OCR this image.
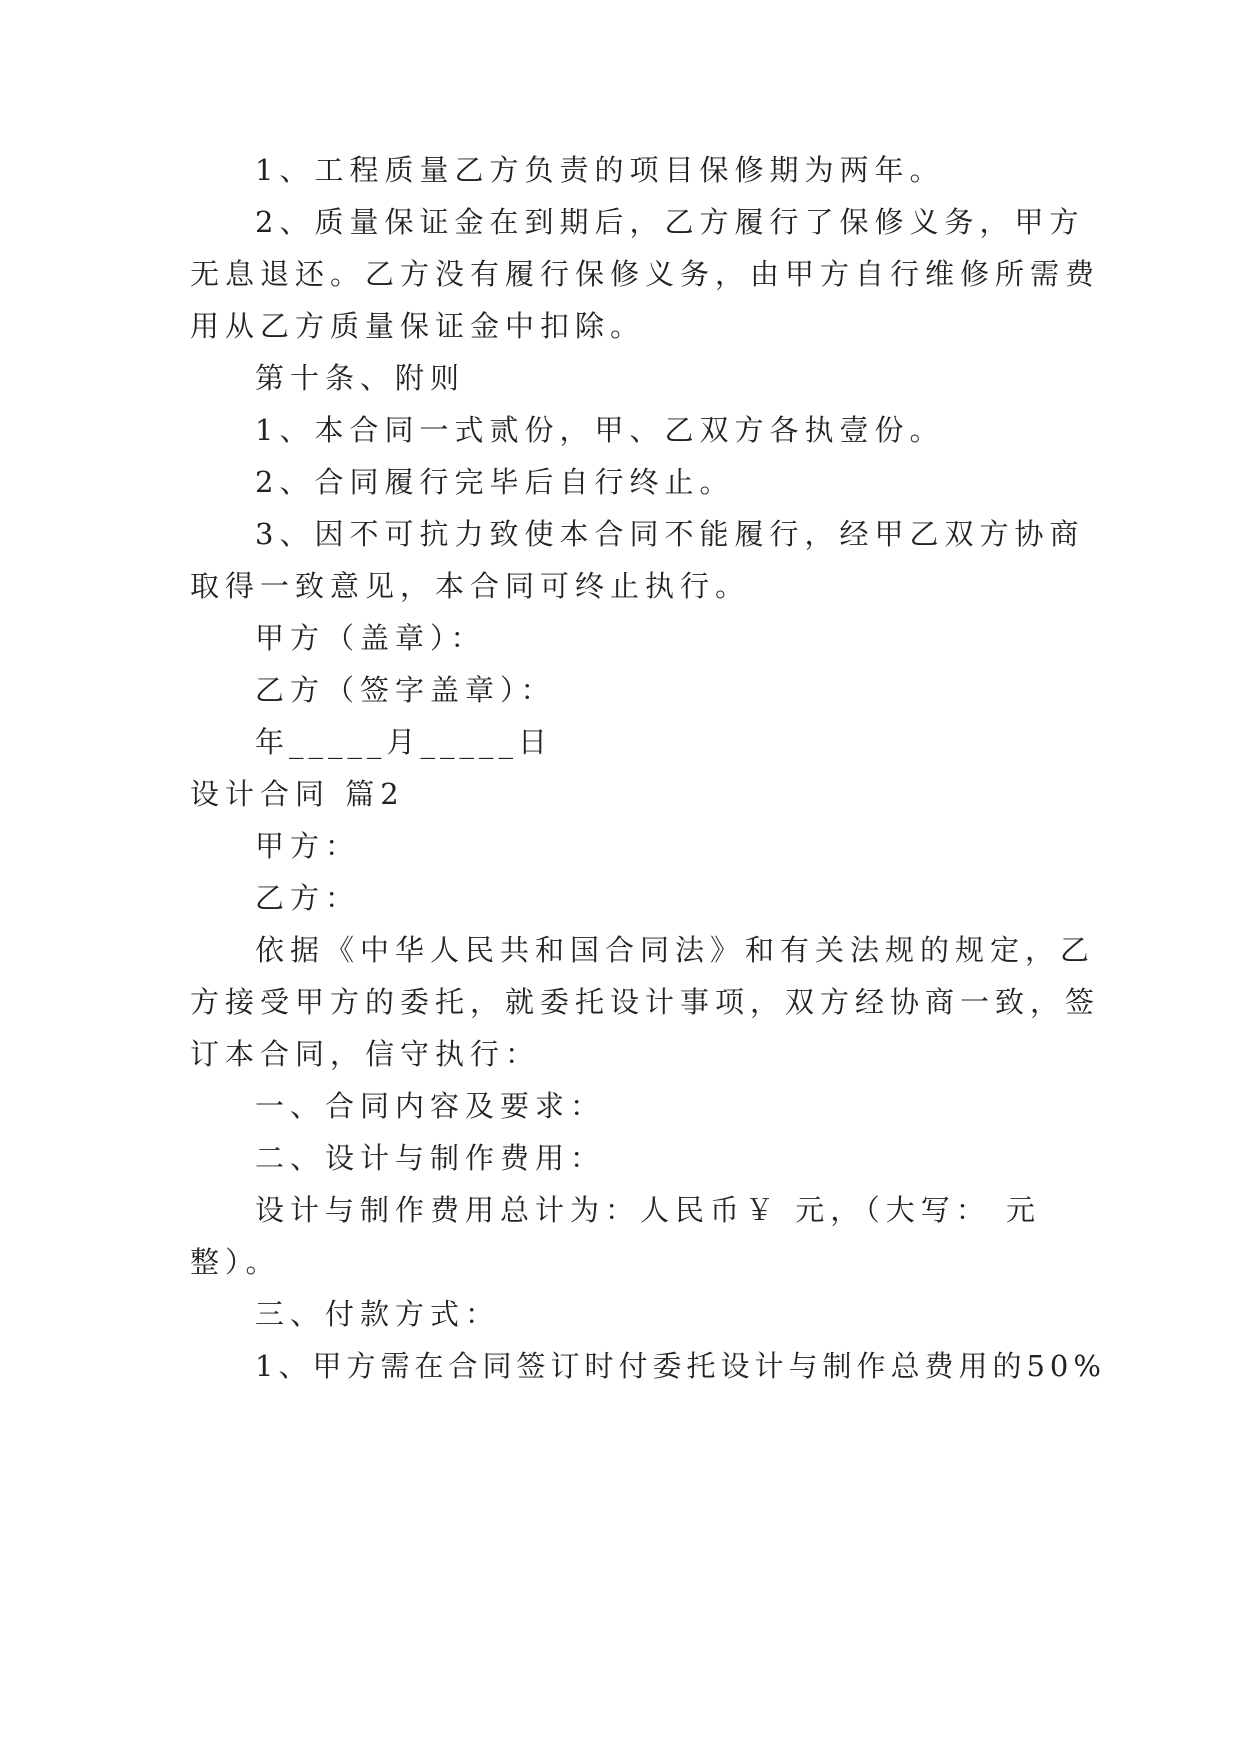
1、工程质量乙方负责的项目保修期为两年。
2、质量保证金在到期后，乙方履行了保修义务，甲方
无息退还。乙方没有履行保修义务，由甲方自行维修所需费
用从乙方质量保证金中扣除。
第十条、附则
1、本合同一式贰份，甲、乙双方各执壹份。
2、合同履行完毕后自行终止。
3、因不可抗力致使本合同不能履行，经甲乙双方协商
取得一致意见，本合同可终止执行。
甲方（盖章）：
乙方（签字盖章）：
年_____月_____日
设计合同 篇2
甲方：
乙方：
依据《中华人民共和国合同法》和有关法规的规定，乙
方接受甲方的委托，就委托设计事项，双方经协商一致，签
订本合同，信守执行：
一、合同内容及要求：
二、设计与制作费用：
设计与制作费用总计为：人民币￥ 元，（大写： 元
整）。
三、付款方式：
1、甲方需在合同签订时付委托设计与制作总费用的50%
